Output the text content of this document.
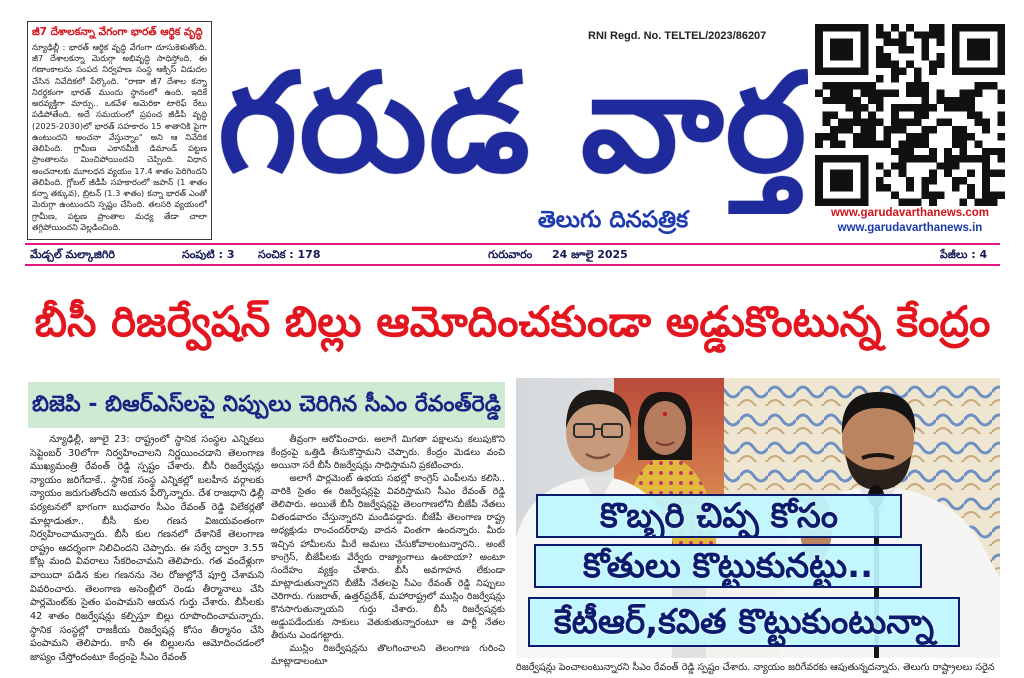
జీ7 దేశాలకన్నా వేగంగా భారత్ ఆర్థిక వృద్ధి
న్యూఢిల్లీ : భారత్ ఆర్థిక వృద్ధి వేగంగా దూసుకెళుతోంది. జీ7 దేశాలకన్నా మెరుగ్గా అభివృద్ధి సాధిస్తోంది. ఈ గణాంకాలను సంపద నిర్వహణ సంస్థ ఆక్సిస్ విడుదల చేసిన నివేదికలో పేర్కొంది. "రాణా జీ7 దేశాల కన్నా నిరర్థకంగా భారత్ ముందు స్థానంలో ఉంది. ఇదికే అరవ్యక్తిగా మార్పు.. ఒకవేళ అమెరికా టారిఫ్ రేటు పడిపోతేంది. అదే సమయంలో ప్రపంచ జీడీపీ వృద్ధి (2025-2030)లో భారత్ సహకారం 15 శాతానికి పైగా ఉంటుందని అంచనా వేస్తున్నాం" అని ఆ నివేదిక తెలిపింది. గ్రామీణ ఎకానమీకి డిమాండ్ పట్టణ ప్రాంతాలను మించిపోయిందని చెప్పింది. విధాన అంచనాలకు మూలధన వ్యయం 17.4 శాతం పెరిగిందని తెలిపింది. గ్లోబల్ జీడీపీ సహకారంలో జపాన్ (1 శాతం కన్నా తక్కువ), బ్రిటన్ (1.3 శాతం) కన్నా భారత్ ఎంతో మెరుగ్గా ఉంటుందని స్పష్టం చేసింది. తలసరి వ్యయంలో గ్రామీణ, పట్టణ ప్రాంతాల మధ్య తేడా చాలా తగ్గిపోయిందని వెల్లడించింది.
RNI Regd. No. TELTEL/2023/86207
గరుడ వార్త
తెలుగు దినపత్రిక	www.garudavarthanews.com
www.garudavarthanews.in
మేడ్చల్ మల్కాజిగిరి	సంపుటి : 3	సంచిక : 178	గురువారం	24 జూలై 2025	పేజీలు : 4
బీసీ రిజర్వేషన్ బిల్లు ఆమోదించకుండా అడ్డుకొంటున్న కేంద్రం
బిజెపి - బిఆర్ఎస్‌లపై నిప్పులు చెరిగిన సీఎం రేవంత్‌రెడ్డి

న్యూఢిల్లీ, జూలై 23: రాష్ట్రంలో స్థానిక సంస్థల ఎన్నికలు సెప్టెంబర్ 30లోగా నిర్వహించాలని నిర్ణయించడాని తెలంగాణ ముఖ్యమంత్రి రేవంత్ రెడ్డి స్పష్టం చేశారు. బీసీ రిజర్వేషన్లు న్యాయం జరిగేదాకే.. స్థానిక సంస్థ ఎన్నికల్లో బలహీన వర్గాలకు న్యాయం జరుగుతోందని అయన పేర్కొన్నారు. దేశ రాజధాని ఢిల్లీ పర్యటనలో భాగంగా బుధవారం సీఎం రేవంత్ రెడ్డి విలేకర్లతో మాట్లాడుతూ.. బీసీ కుల గణన విజయవంతంగా నిర్వహించామన్నారు. బీసీ కుల గణనలో దేశానికే తెలంగాణ రాష్ట్రం ఆదర్శంగా నిలిచిందని చెప్పారు. ఈ సర్వే ద్వారా 3.55 కోట్ల మంది వివరాలు సేకరించామని తెలిపారు. గత వందేళ్లుగా వాయిదా పడిన కుల గణనను నెల రోజుల్లోనే పూర్తి చేశామని వివరించారు. తెలంగాణ అసెంబ్లీలో రెండు తీర్మానాలు చేసి పార్లమెంట్‌కు సైతం పంపామని ఆయన గుర్తు చేశారు. బీసీలకు 42 శాతం రిజర్వేషన్లు కల్పిస్తూ బిల్లు రూపొందించామన్నారు. స్థానిక సంస్థల్లో రాజకీయ రిజర్వేషన్ల కోసం తీర్మానం చేసి పంపామని తెలిపారు. కానీ ఈ బిల్లులను ఆమోదించడంలో జాప్యం చేస్తోందంటూ కేంద్రంపై సీఎం రేవంత్

తీవ్రంగా ఆరోపించారు. అలాగే మిగతా పక్షాలను కలుపుకొని కేంద్రంపై ఒత్తిడి తీసుకొస్తామని చెప్పారు. కేంద్రం మెడలు వంచి అయినా సరే బీసీ రిజర్వేషన్లు సాధిస్తామని ప్రకటించారు.

అలాగే పార్లమెంట్ ఉభయ సభల్లో కాంగ్రెస్ ఎంపీలను కలిసి.. వారికి సైతం ఈ రిజర్వేషన్లపై వివరిస్తామని సీఎం రేవంత్ రెడ్డి తెలిపారు. అయితే బీసీ రిజర్వేషన్లపై తెలంగాణలోని బీజేపీ నేతలు వితండవాదం చేస్తున్నారని మండిపడ్డారు. బీజేపీ తెలంగాణ రాష్ట్ర అధ్యక్షుడు రాంచందర్‌రావు వాదన వింతగా ఉందన్నారు. మీరు ఇచ్చిన హామీలను మీరే అమలు చేసుకోవాలంటున్నారని.. అంటే కాంగ్రెస్, బీజేపీలకు వేర్వేరు రాజ్యాంగాలు ఉంటాయా? అంటూ సందేహం వ్యక్తం చేశారు. బీసీ అవగాహన లేకుండా మాట్లాడుతున్నారని బీజేపీ నేతలపై సీఎం రేవంత్ రెడ్డి నిప్పులు చెరిగారు. గుజరాత్, ఉత్తర్‌ప్రదేశ్, మహారాష్ట్రలో ముస్లిం రిజర్వేషన్లు కొనసాగుతున్నాయని గుర్తు చేశారు. బీసీ రిజర్వేషన్లకు అడ్డుపడేందుకు సాకులు వెతుకుతున్నారంటూ ఆ పార్టీ నేతల తీరును ఎండగట్టారు.

ముస్లిం రిజర్వేషన్లను తొలగించాలని తెలంగాణ గురించి మాట్లాడాలంటూ

కొబ్బరి చిప్ప కోసం
కోతులు కొట్టుకునట్టు..
కేటీఆర్,కవిత కొట్టుకుంటున్నా
రిజర్వేషన్లు పెంచాలంటున్నారని సీఎం రేవంత్ రెడ్డి స్పష్టం చేశారు. న్యాయం జరిగేవరకు ఆపుతున్నదన్నారు. తెలుగు రాష్ట్రాలలు సరైన
